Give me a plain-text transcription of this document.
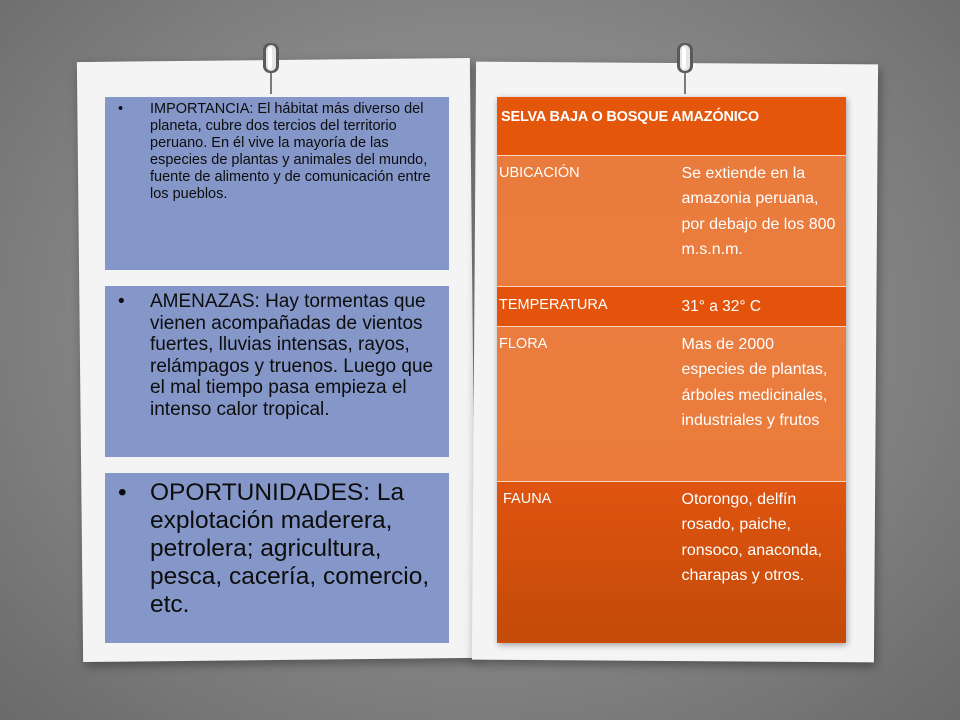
• IMPORTANCIA: El hábitat más diverso del planeta, cubre dos tercios del territorio peruano. En él vive la mayoría de las especies de plantas y animales del mundo, fuente de alimento y de comunicación entre los pueblos.
• AMENAZAS: Hay tormentas que vienen acompañadas de vientos fuertes, lluvias intensas, rayos, relámpagos y truenos. Luego que el mal tiempo pasa empieza el intenso calor tropical.
• OPORTUNIDADES: La explotación maderera, petrolera; agricultura, pesca, cacería, comercio, etc.
SELVA BAJA O BOSQUE AMAZÓNICO	
UBICACIÓN	Se extiende en la amazonia peruana, por debajo de los 800 m.s.n.m.
TEMPERATURA	31° a 32° C
FLORA	Mas de 2000 especies de plantas, árboles medicinales, industriales y frutos
FAUNA	Otorongo, delfín rosado, paiche, ronsoco, anaconda, charapas y otros.
